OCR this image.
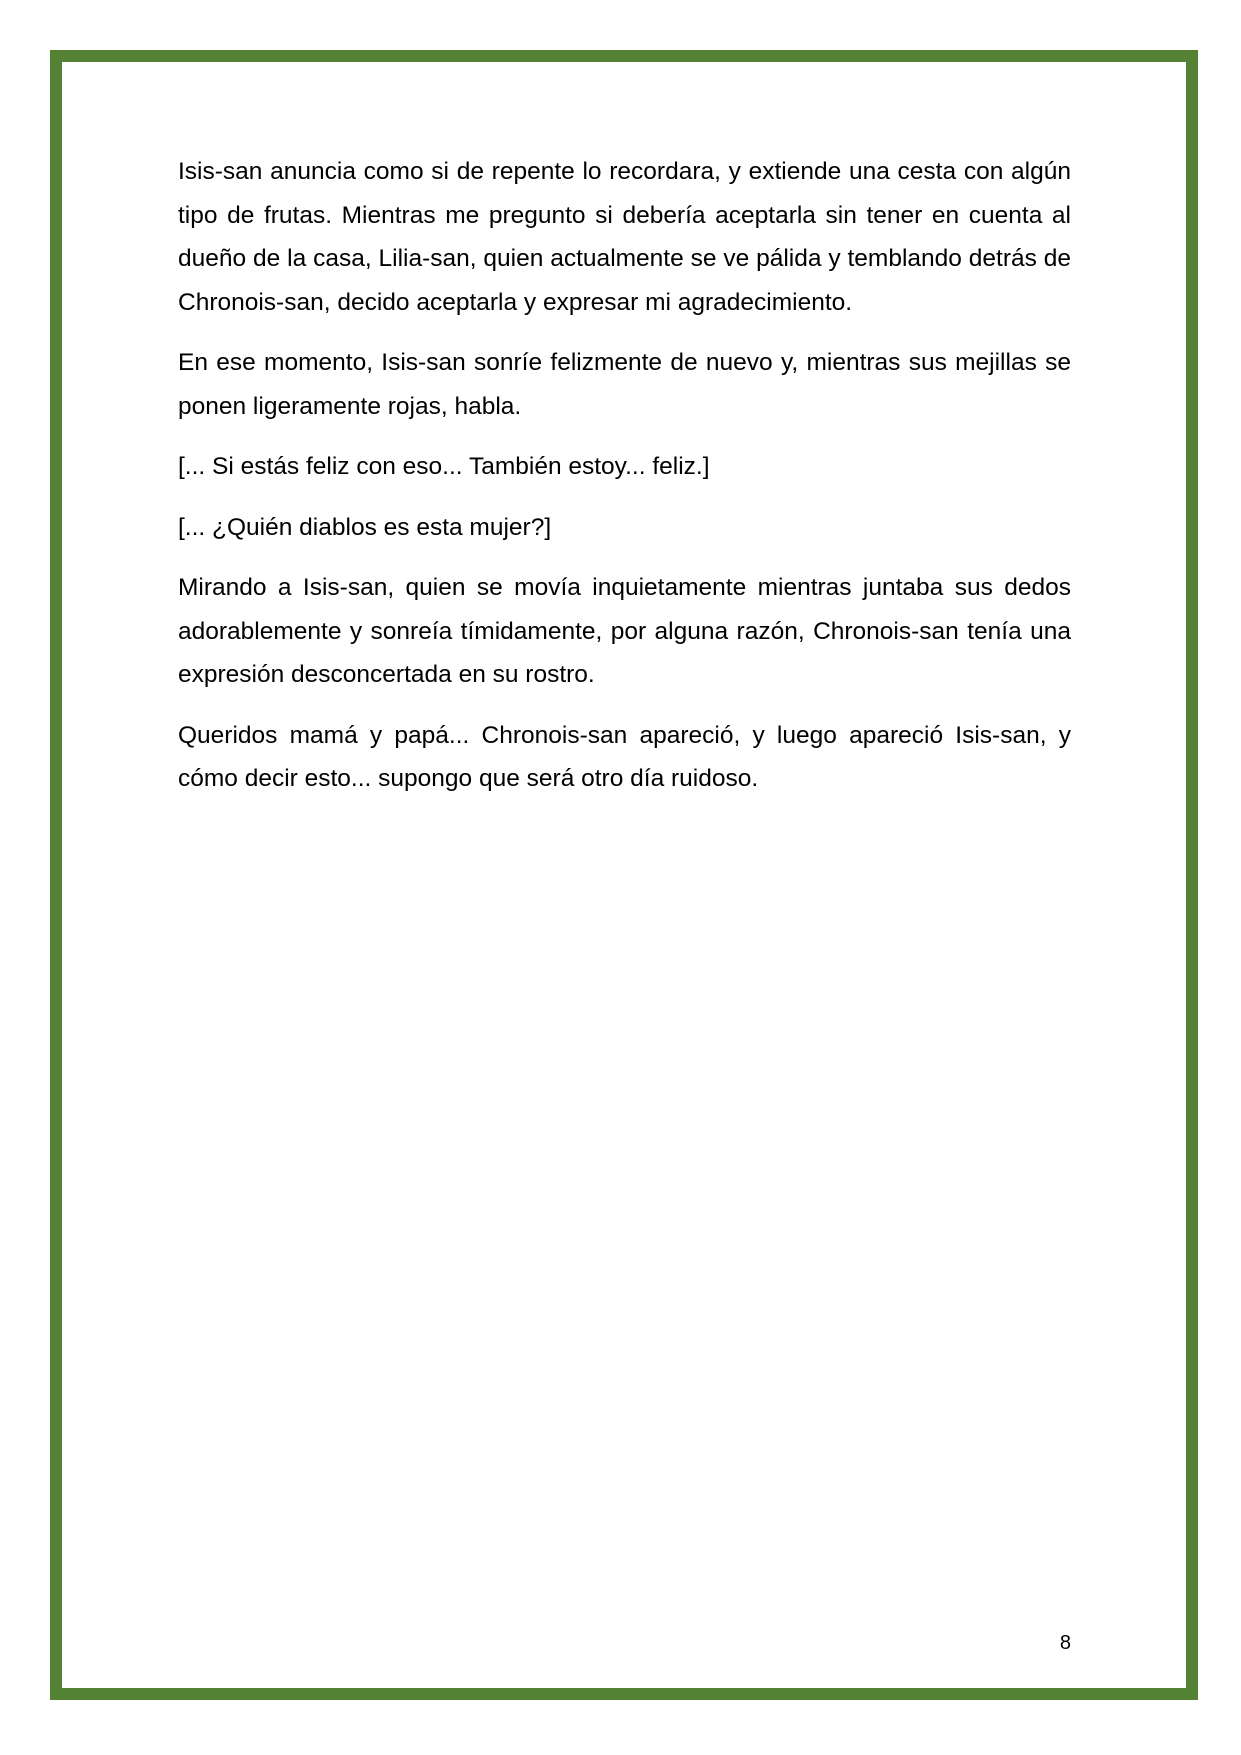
Isis-san anuncia como si de repente lo recordara, y extiende una cesta con algún tipo de frutas. Mientras me pregunto si debería aceptarla sin tener en cuenta al dueño de la casa, Lilia-san, quien actualmente se ve pálida y temblando detrás de Chronois-san, decido aceptarla y expresar mi agradecimiento.

En ese momento, Isis-san sonríe felizmente de nuevo y, mientras sus mejillas se ponen ligeramente rojas, habla.

[... Si estás feliz con eso... También estoy... feliz.]

[... ¿Quién diablos es esta mujer?]

Mirando a Isis-san, quien se movía inquietamente mientras juntaba sus dedos adorablemente y sonreía tímidamente, por alguna razón, Chronois-san tenía una expresión desconcertada en su rostro.

Queridos mamá y papá... Chronois-san apareció, y luego apareció Isis-san, y cómo decir esto... supongo que será otro día ruidoso.

8
